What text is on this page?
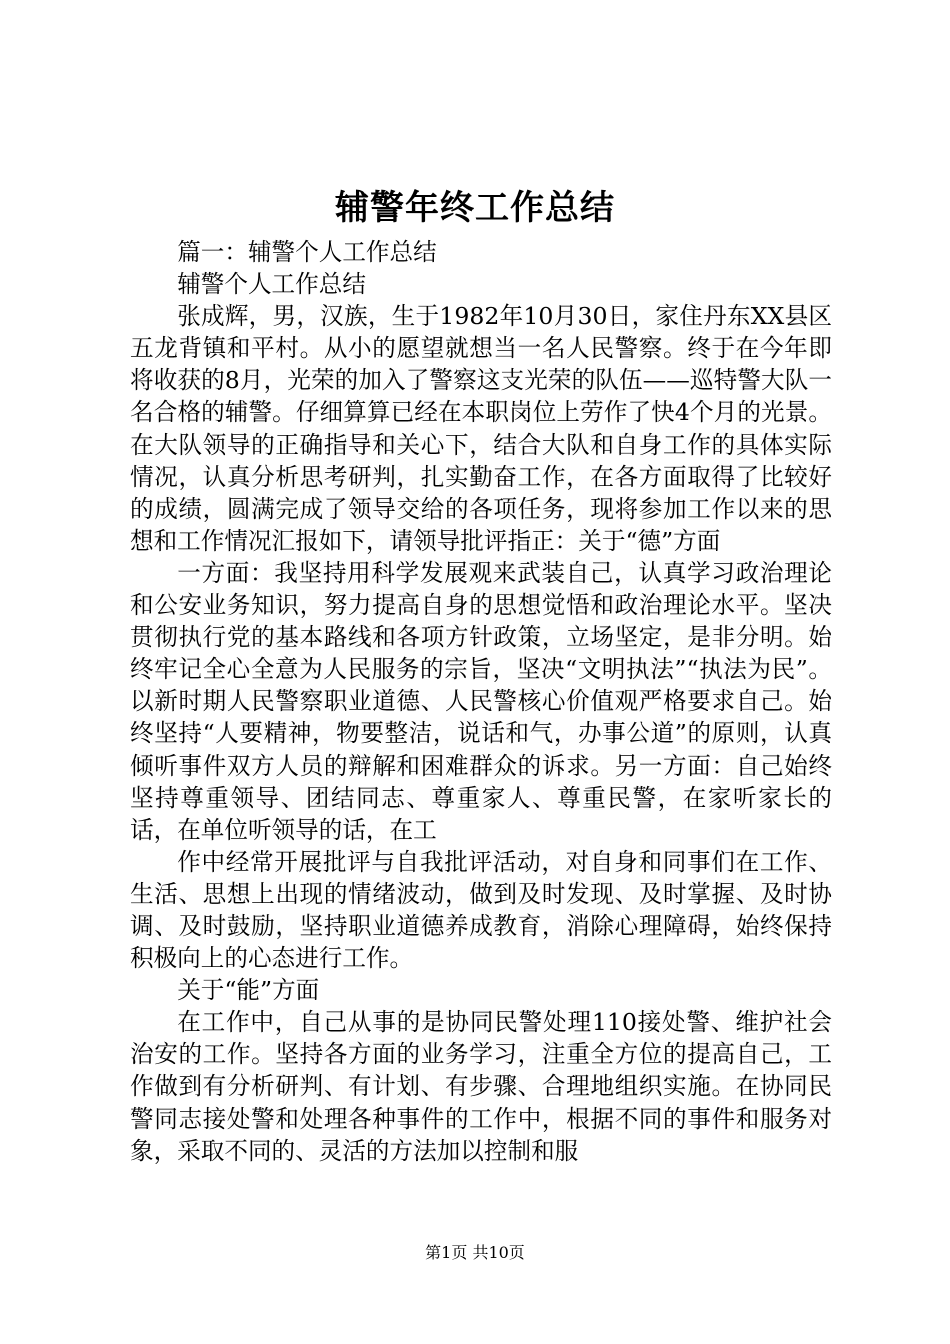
辅警年终工作总结

篇一：辅警个人工作总结

辅警个人工作总结

张成辉，男，汉族，生于1982年10月30日，家住丹东XX县区五龙背镇和平村。从小的愿望就想当一名人民警察。终于在今年即将收获的8月，光荣的加入了警察这支光荣的队伍——巡特警大队一名合格的辅警。仔细算算已经在本职岗位上劳作了快4个月的光景。在大队领导的正确指导和关心下，结合大队和自身工作的具体实际情况，认真分析思考研判，扎实勤奋工作，在各方面取得了比较好的成绩，圆满完成了领导交给的各项任务，现将参加工作以来的思想和工作情况汇报如下，请领导批评指正：关于“德”方面

一方面：我坚持用科学发展观来武装自己，认真学习政治理论和公安业务知识，努力提高自身的思想觉悟和政治理论水平。坚决贯彻执行党的基本路线和各项方针政策，立场坚定，是非分明。始终牢记全心全意为人民服务的宗旨，坚决“文明执法”“执法为民”。以新时期人民警察职业道德、人民警核心价值观严格要求自己。始终坚持“人要精神，物要整洁，说话和气，办事公道”的原则，认真倾听事件双方人员的辩解和困难群众的诉求。另一方面：自己始终坚持尊重领导、团结同志、尊重家人、尊重民警，在家听家长的话，在单位听领导的话，在工

作中经常开展批评与自我批评活动，对自身和同事们在工作、生活、思想上出现的情绪波动，做到及时发现、及时掌握、及时协调、及时鼓励，坚持职业道德养成教育，消除心理障碍，始终保持积极向上的心态进行工作。

关于“能”方面

在工作中，自己从事的是协同民警处理110接处警、维护社会治安的工作。坚持各方面的业务学习，注重全方位的提高自己，工作做到有分析研判、有计划、有步骤、合理地组织实施。在协同民警同志接处警和处理各种事件的工作中，根据不同的事件和服务对象，采取不同的、灵活的方法加以控制和服

第1页 共10页
